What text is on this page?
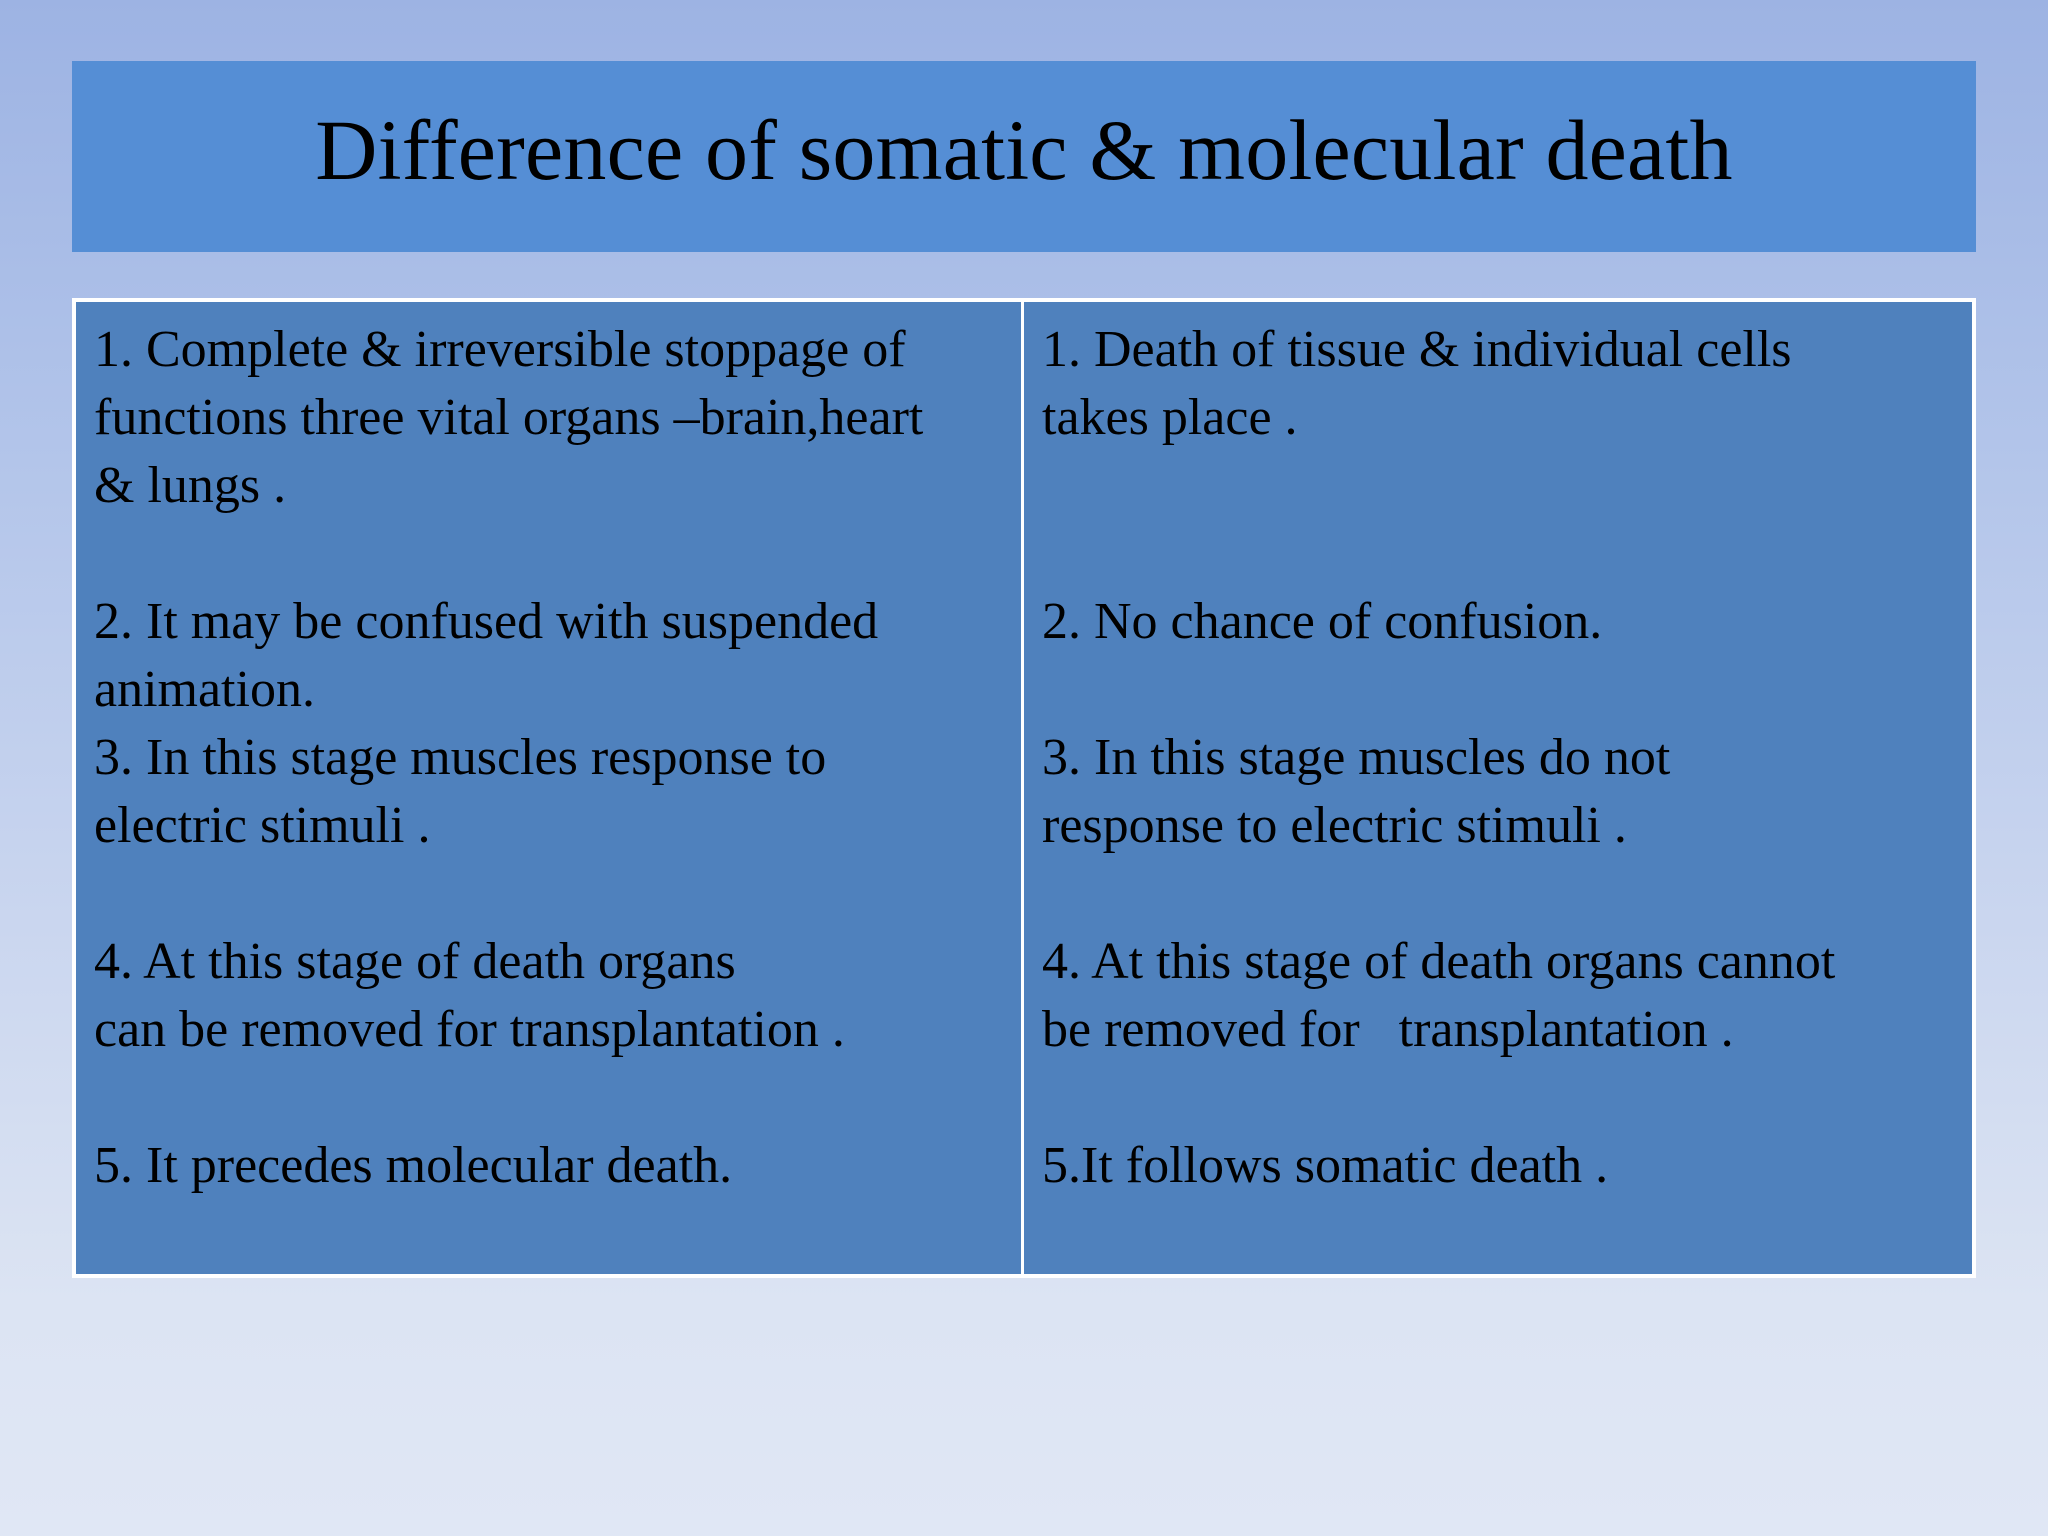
Difference of somatic & molecular death

1. Complete & irreversible stoppage of
functions three vital organs –brain,heart
& lungs .

2. It may be confused with suspended
animation.

3. In this stage muscles response to
electric stimuli .

4. At this stage of death organs
can be removed for transplantation .

5. It precedes molecular death.

1. Death of tissue & individual cells
takes place .

2. No chance of confusion.

3. In this stage muscles do not
response to electric stimuli .

4. At this stage of death organs cannot
be removed for   transplantation .

5.It follows somatic death .
